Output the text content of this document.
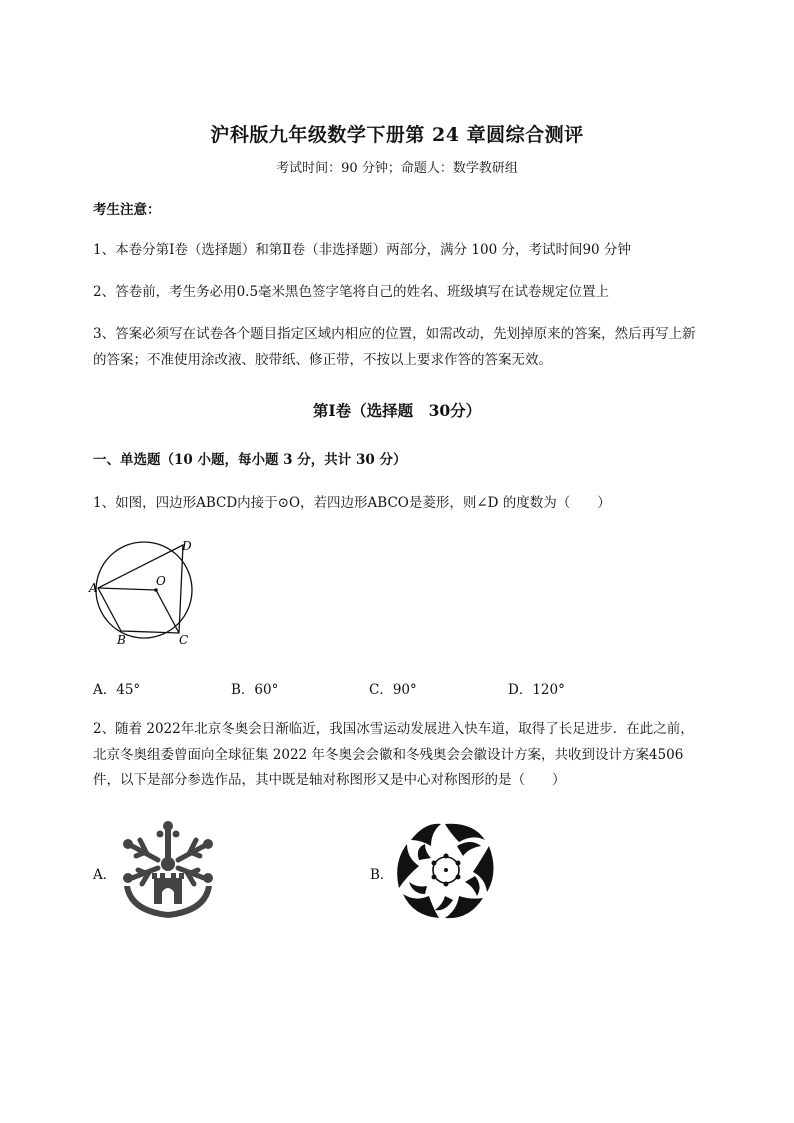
沪科版九年级数学下册第 24 章圆综合测评
考试时间：90 分钟；命题人：数学教研组
考生注意：
1、本卷分第Ⅰ卷（选择题）和第Ⅱ卷（非选择题）两部分，满分 100 分，考试时间90 分钟
2、答卷前，考生务必用0.5毫米黑色签字笔将自己的姓名、班级填写在试卷规定位置上
3、答案必须写在试卷各个题目指定区域内相应的位置，如需改动，先划掉原来的答案，然后再写上新
的答案；不准使用涂改液、胶带纸、修正带，不按以上要求作答的答案无效。
第Ⅰ卷（选择题　30分）
一、单选题（10 小题，每小题 3 分，共计 30 分）
1、如图，四边形ABCD内接于⊙O，若四边形ABCO是菱形，则∠D 的度数为（　　）
D
A	O
B	C
A．45°	B．60°	C．90°	D．120°
2、随着 2022年北京冬奥会日渐临近，我国冰雪运动发展进入快车道，取得了长足进步．在此之前，
北京冬奥组委曾面向全球征集 2022 年冬奥会会徽和冬残奥会会徽设计方案，共收到设计方案4506
件，以下是部分参选作品，其中既是轴对称图形又是中心对称图形的是（　　）
A．	B．
